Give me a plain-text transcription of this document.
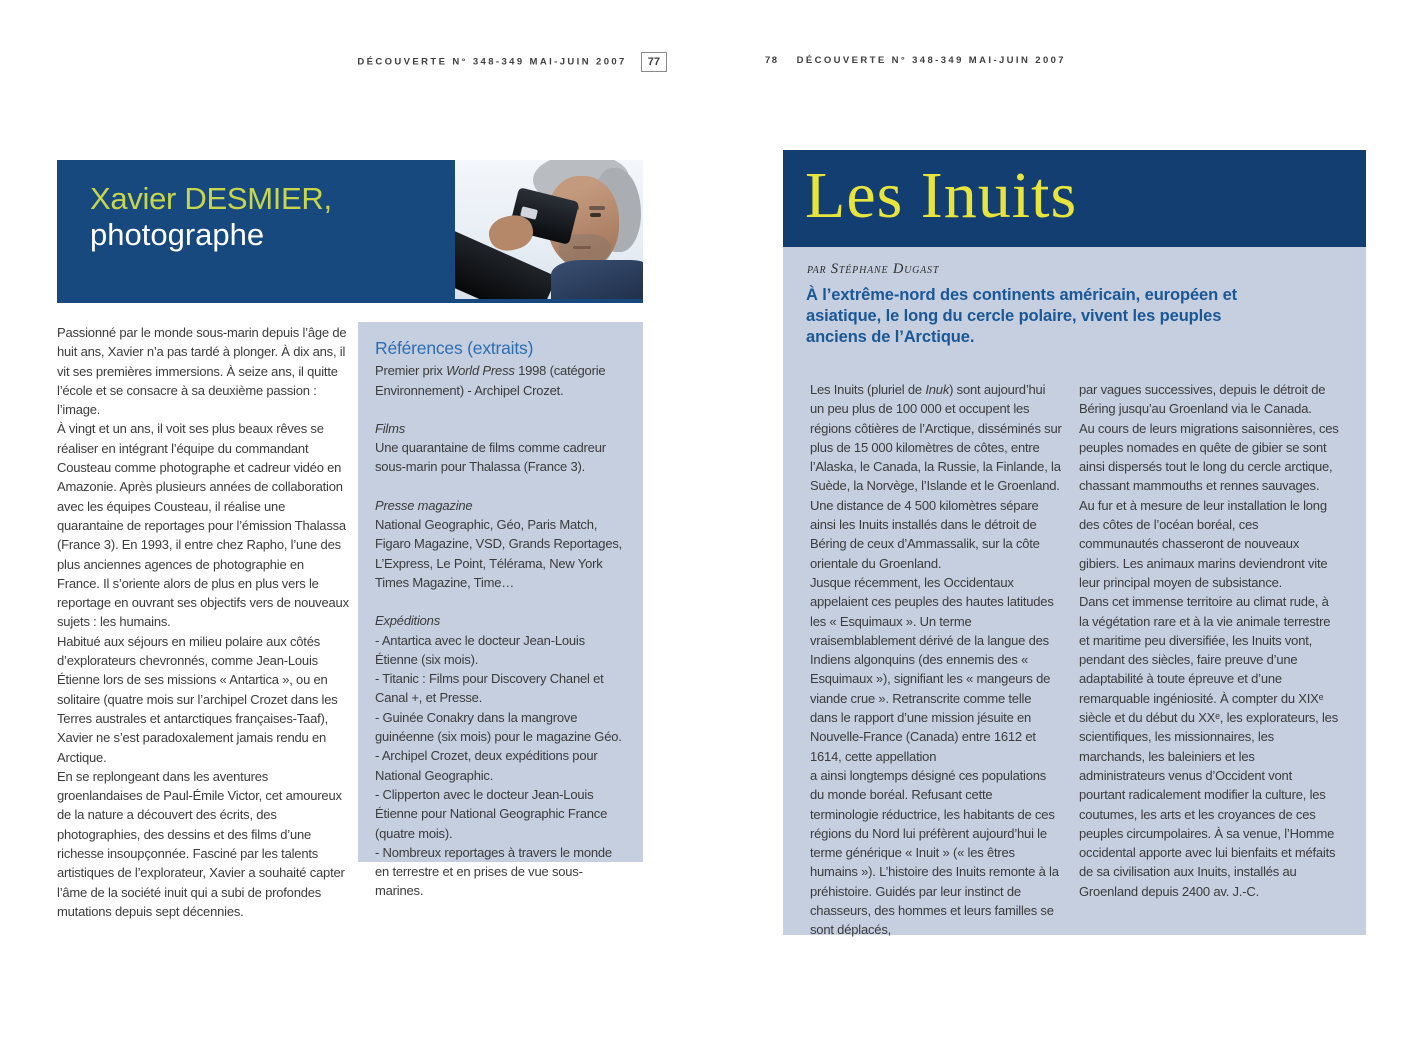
DÉCOUVERTE N° 348-349 MAI-JUIN 2007 77
Xavier DESMIER,
photographe

Passionné par le monde sous-marin depuis l’âge de huit ans, Xavier n’a pas tardé à plonger. À dix ans, il vit ses premières immersions. À seize ans, il quitte l’école et se consacre à sa deuxième passion : l’image.

À vingt et un ans, il voit ses plus beaux rêves se réaliser en intégrant l’équipe du commandant Cousteau comme photographe et cadreur vidéo en Amazonie. Après plusieurs années de collaboration avec les équipes Cousteau, il réalise une quarantaine de reportages pour l’émission Thalassa (France 3). En 1993, il entre chez Rapho, l’une des plus anciennes agences de photographie en France. Il s’oriente alors de plus en plus vers le reportage en ouvrant ses objectifs vers de nouveaux sujets : les humains.

Habitué aux séjours en milieu polaire aux côtés d’explorateurs chevronnés, comme Jean-Louis Étienne lors de ses missions « Antartica », ou en solitaire (quatre mois sur l’archipel Crozet dans les Terres australes et antarctiques françaises-Taaf), Xavier ne s’est paradoxalement jamais rendu en Arctique.

En se replongeant dans les aventures groenlandaises de Paul-Émile Victor, cet amoureux de la nature a découvert des écrits, des photographies, des dessins et des films d’une richesse insoupçonnée. Fasciné par les talents artistiques de l’explorateur, Xavier a souhaité capter l’âme de la société inuit qui a subi de profondes mutations depuis sept décennies.

Références (extraits)

Premier prix World Press 1998 (catégorie Environnement) - Archipel Crozet.

Films

Une quarantaine de films comme cadreur sous-marin pour Thalassa (France 3).

Presse magazine

National Geographic, Géo, Paris Match, Figaro Magazine, VSD, Grands Reportages, L’Express, Le Point, Télérama, New York Times Magazine, Time…

Expéditions

- Antartica avec le docteur Jean-Louis Étienne (six mois).

- Titanic : Films pour Discovery Chanel et Canal +, et Presse.

- Guinée Conakry dans la mangrove guinéenne (six mois) pour le magazine Géo.

- Archipel Crozet, deux expéditions pour National Geographic.

- Clipperton avec le docteur Jean-Louis Étienne pour National Geographic France (quatre mois).

- Nombreux reportages à travers le monde en terrestre et en prises de vue sous-marines.

78 DÉCOUVERTE N° 348-349 MAI-JUIN 2007
Les Inuits
par Stéphane Dugast
À l’extrême-nord des continents américain, européen et asiatique, le long du cercle polaire, vivent les peuples anciens de l’Arctique.

Les Inuits (pluriel de Inuk) sont aujourd’hui un peu plus de 100 000 et occupent les régions côtières de l’Arctique, disséminés sur plus de 15 000 kilomètres de côtes, entre l’Alaska, le Canada, la Russie, la Finlande, la Suède, la Norvège, l’Islande et le Groenland. Une distance de 4 500 kilomètres sépare ainsi les Inuits installés dans le détroit de Béring de ceux d’Ammassalik, sur la côte orientale du Groenland.

Jusque récemment, les Occidentaux appelaient ces peuples des hautes latitudes les « Esquimaux ». Un terme vraisemblablement dérivé de la langue des Indiens algonquins (des ennemis des « Esquimaux »), signifiant les « mangeurs de viande crue ». Retranscrite comme telle dans le rapport d’une mission jésuite en Nouvelle-France (Canada) entre 1612 et 1614, cette appellation

a ainsi longtemps désigné ces populations du monde boréal. Refusant cette terminologie réductrice, les habitants de ces régions du Nord lui préfèrent aujourd’hui le terme générique « Inuit » (« les êtres humains »). L’histoire des Inuits remonte à la préhistoire. Guidés par leur instinct de chasseurs, des hommes et leurs familles se sont déplacés,

par vagues successives, depuis le détroit de Béring jusqu’au Groenland via le Canada.

Au cours de leurs migrations saisonnières, ces peuples nomades en quête de gibier se sont ainsi dispersés tout le long du cercle arctique, chassant mammouths et rennes sauvages.

Au fur et à mesure de leur installation le long des côtes de l’océan boréal, ces communautés chasseront de nouveaux gibiers. Les animaux marins deviendront vite leur principal moyen de subsistance.

Dans cet immense territoire au climat rude, à la végétation rare et à la vie animale terrestre et maritime peu diversifiée, les Inuits vont, pendant des siècles, faire preuve d’une adaptabilité à toute épreuve et d’une remarquable ingéniosité. À compter du XIXᵉ siècle et du début du XXᵉ, les explorateurs, les scientifiques, les missionnaires, les marchands, les baleiniers et les administrateurs venus d’Occident vont pourtant radicalement modifier la culture, les coutumes, les arts et les croyances de ces peuples circumpolaires. À sa venue, l’Homme occidental apporte avec lui bienfaits et méfaits de sa civilisation aux Inuits, installés au Groenland depuis 2400 av. J.-C.
